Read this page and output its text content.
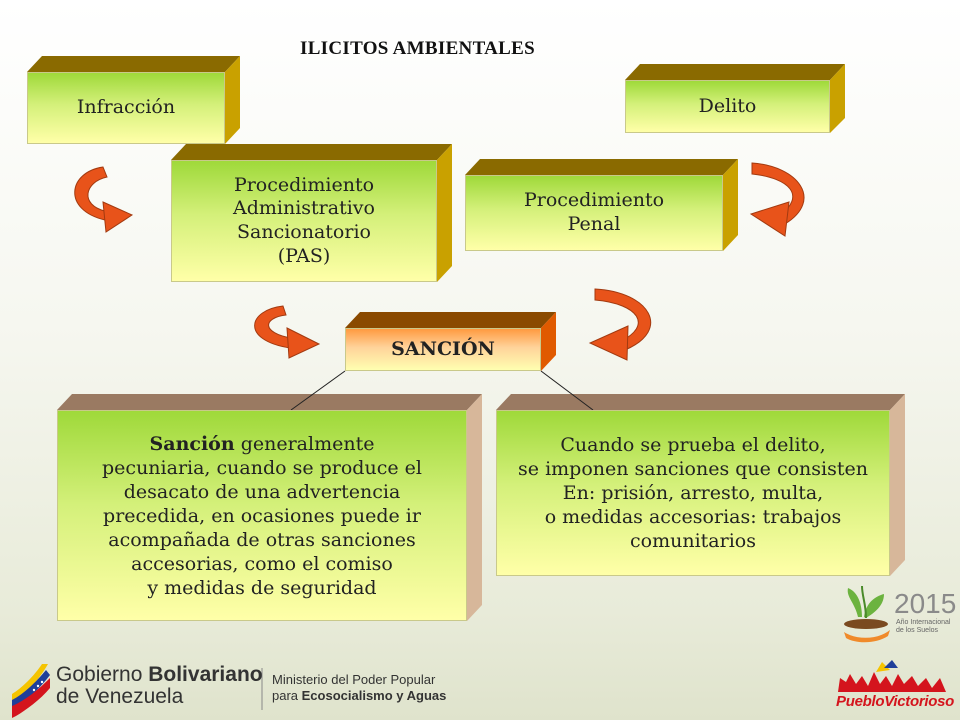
ILICITOS AMBIENTALES
Infracción	Delito
Procedimiento
Administrativo
Sancionatorio
(PAS)
Procedimiento
Penal
SANCIÓN
Sanción generalmente
pecuniaria, cuando se produce el
desacato de una advertencia
precedida, en ocasiones puede ir
acompañada de otras sanciones
accesorias, como el comiso
y medidas de seguridad
Cuando se prueba el delito,
se imponen sanciones que consisten
En: prisión, arresto, multa,
o medidas accesorias: trabajos
comunitarios
2015
Año Internacional de los Suelos
Gobierno Bolivariano
de Venezuela
Ministerio del Poder Popular
para Ecosocialismo y Aguas	PuebloVictorioso
